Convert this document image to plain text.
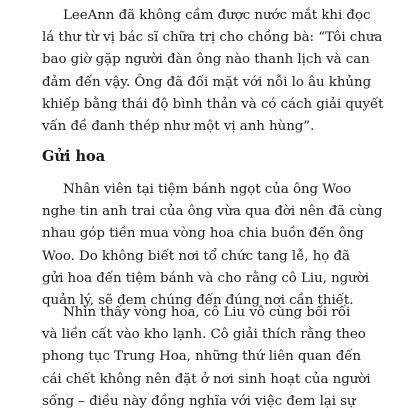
LeeAnn đã không cầm được nước mắt khi đọc
lá thư từ vị bác sĩ chữa trị cho chồng bà: “Tôi chưa
bao giờ gặp người đàn ông nào thanh lịch và can
đảm đến vậy. Ông đã đối mặt với nỗi lo âu khủng
khiếp bằng thái độ bình thản và có cách giải quyết
vấn đề đanh thép như một vị anh hùng”.

Gửi hoa

Nhân viên tại tiệm bánh ngọt của ông Woo
nghe tin anh trai của ông vừa qua đời nên đã cùng
nhau góp tiền mua vòng hoa chia buồn đến ông
Woo. Do không biết nơi tổ chức tang lễ, họ đã
gửi hoa đến tiệm bánh và cho rằng cô Liu, người
quản lý, sẽ đem chúng đến đúng nơi cần thiết.

Nhìn thấy vòng hoa, cô Liu vô cùng bối rối
và liền cất vào kho lạnh. Cô giải thích rằng theo
phong tục Trung Hoa, những thứ liên quan đến
cái chết không nên đặt ở nơi sinh hoạt của người
sống – điều này đồng nghĩa với việc đem lại sự
